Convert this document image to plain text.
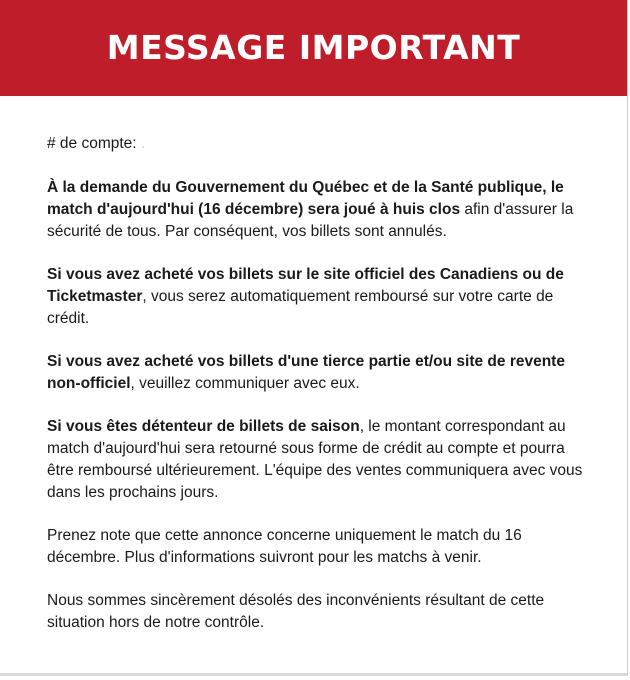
MESSAGE IMPORTANT

# de compte: .

À la demande du Gouvernement du Québec et de la Santé publique, le match d'aujourd'hui (16 décembre) sera joué à huis clos afin d'assurer la sécurité de tous. Par conséquent, vos billets sont annulés.

Si vous avez acheté vos billets sur le site officiel des Canadiens ou de Ticketmaster, vous serez automatiquement remboursé sur votre carte de crédit.

Si vous avez acheté vos billets d'une tierce partie et/ou site de revente non-officiel, veuillez communiquer avec eux.

Si vous êtes détenteur de billets de saison, le montant correspondant au match d'aujourd'hui sera retourné sous forme de crédit au compte et pourra être remboursé ultérieurement. L'équipe des ventes communiquera avec vous dans les prochains jours.

Prenez note que cette annonce concerne uniquement le match du 16 décembre. Plus d'informations suivront pour les matchs à venir.

Nous sommes sincèrement désolés des inconvénients résultant de cette situation hors de notre contrôle.
